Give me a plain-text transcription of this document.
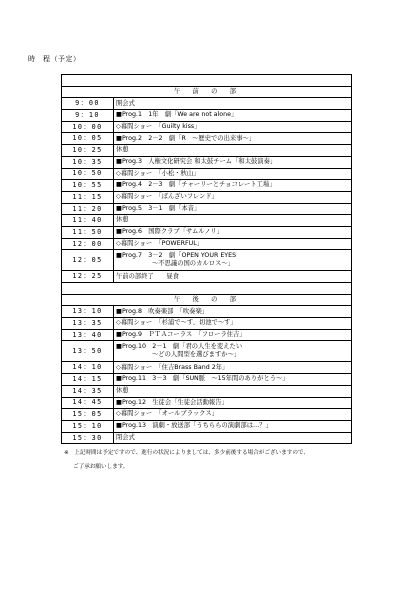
時　程（予定）

午　前　の　部	
9：00	開会式
9：10	■Prog.1　1年　劇「We are not alone」
10：00	◇幕間ショー　「Guilty kiss」
10：05	■Prog.2　2－2　劇「R　～歴史での出来事～」
10：25	休憩
10：35	■Prog.3　人権文化研究会 和太鼓チーム「和太鼓演奏」
10：50	◇幕間ショー　「小松・秋山」
10：55	■Prog.4　2－3　劇「チャーリーとチョコレート工場」
11：15	◇幕間ショー　「ばんざいフレンド」
11：20	■Prog.5　3－1　劇「本音」
11：40	休憩
11：50	■Prog.6　国際クラブ「サムルノリ」
12：00	◇幕間ショー　「POWERFUL」
12：05	■Prog.7　3－2　劇「OPEN YOUR EYES
～不思議の国のカルロス～」

12：25	午前の部終了　　昼食

午　後　の　部	
13：10	■Prog.8　吹奏楽部　「吹奏楽」
13：35	◇幕間ショー　「杉浦で～す、切池で～す」
13：40	■Prog.9　ＰＴＡコーラス　「フローラ住吉」
13：50	■Prog.10　2－1　劇「君の人生を変えたい
～どの人間型を選びますか～」

14：10	◇幕間ショー　「住吉Brass Band 2年」
14：15	■Prog.11　3－3　劇「SUN脈　～15年間のありがとう～」
14：35	休憩
14：45	■Prog.12　生徒会「生徒会活動報告」
15：05	◇幕間ショー　「オールブラックス」
15：10	■Prog.13　演劇・放送部「うちららの演劇部は…？」
15：30	閉会式
※　上記時間は予定ですので、進行の状況によりましては、多少前後する場合がございますので、
ご了承お願いします。
